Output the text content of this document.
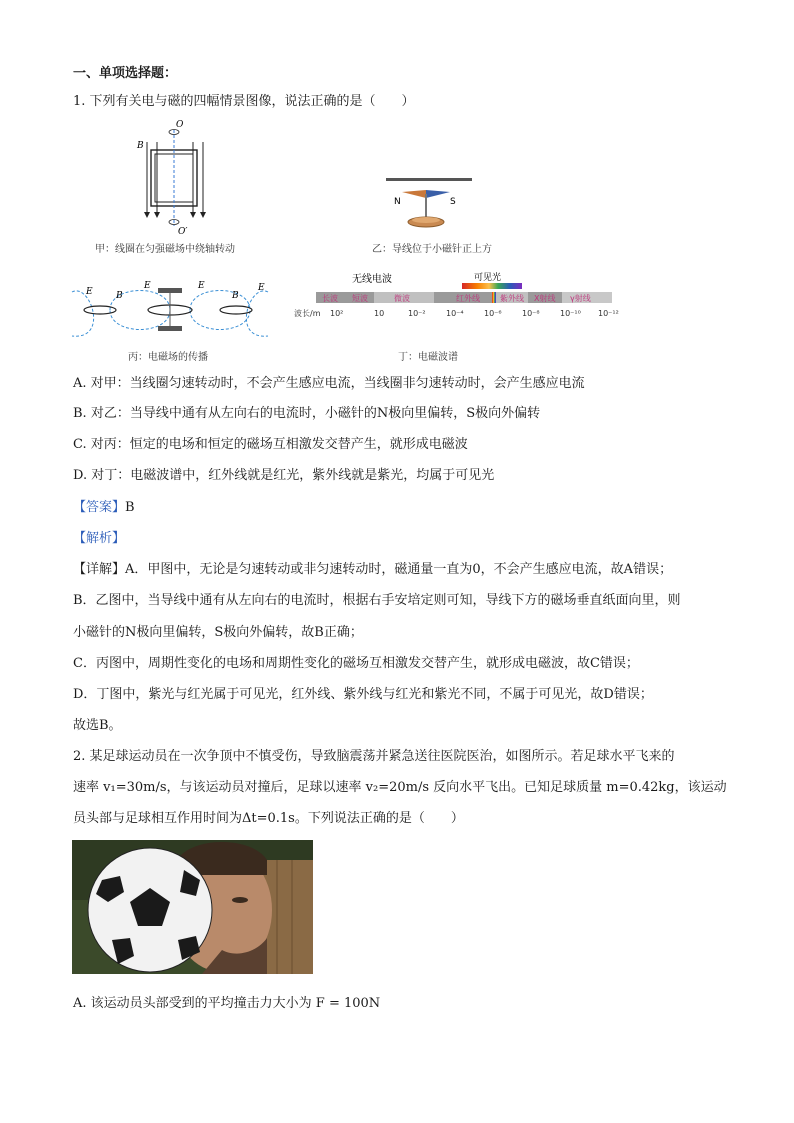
一、单项选择题：
1. 下列有关电与磁的四幅情景图像，说法正确的是（　　）
O
O′
B
甲：线圈在匀强磁场中绕轴转动
N	S
乙：导线位于小磁针正上方
E	B
E	E
B
E
丙：电磁场的传播
无线电波	可见光
长波 短波	微波	红外线	紫外线 X射线 γ射线
波长/m 10²	10	10⁻²	10⁻⁴	10⁻⁶	10⁻⁸	10⁻¹⁰ 10⁻¹²
丁：电磁波谱
A. 对甲：当线圈匀速转动时，不会产生感应电流，当线圈非匀速转动时，会产生感应电流
B. 对乙：当导线中通有从左向右的电流时，小磁针的N极向里偏转，S极向外偏转
C. 对丙：恒定的电场和恒定的磁场互相激发交替产生，就形成电磁波
D. 对丁：电磁波谱中，红外线就是红光，紫外线就是紫光，均属于可见光
【答案】B
【解析】
【详解】A．甲图中，无论是匀速转动或非匀速转动时，磁通量一直为0，不会产生感应电流，故A错误；
B．乙图中，当导线中通有从左向右的电流时，根据右手安培定则可知，导线下方的磁场垂直纸面向里，则
小磁针的N极向里偏转，S极向外偏转，故B正确；
C．丙图中，周期性变化的电场和周期性变化的磁场互相激发交替产生，就形成电磁波，故C错误；
D．丁图中，紫光与红光属于可见光，红外线、紫外线与红光和紫光不同，不属于可见光，故D错误；
故选B。
2. 某足球运动员在一次争顶中不慎受伤，导致脑震荡并紧急送往医院医治，如图所示。若足球水平飞来的
速率 v₁=30m/s，与该运动员对撞后，足球以速率 v₂=20m/s 反向水平飞出。已知足球质量 m=0.42kg，该运动
员头部与足球相互作用时间为Δt=0.1s。下列说法正确的是（　　）
A. 该运动员头部受到的平均撞击力大小为 F = 100N
